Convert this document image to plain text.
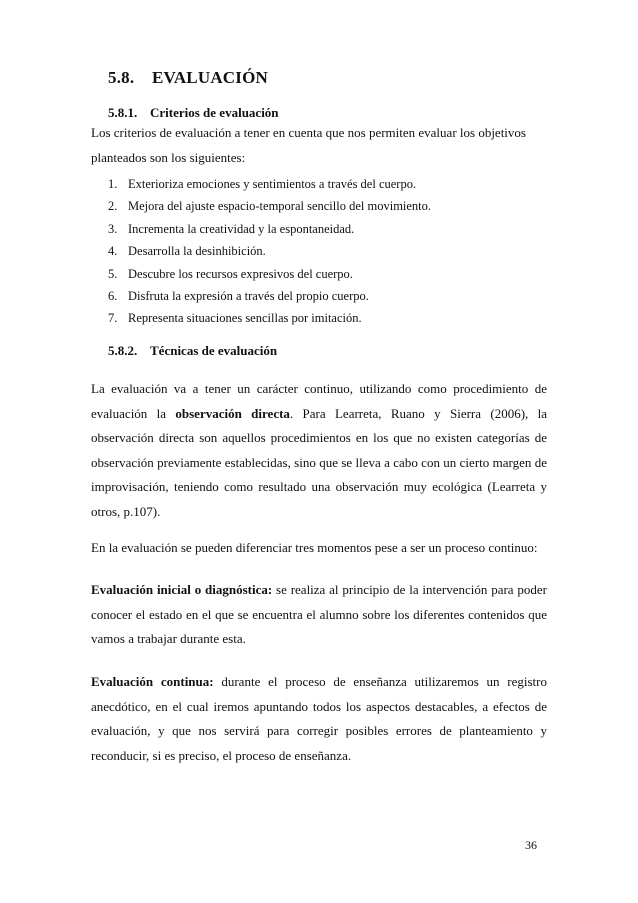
5.8. EVALUACIÓN
5.8.1. Criterios de evaluación
Los criterios de evaluación a tener en cuenta que nos permiten evaluar los objetivos planteados son los siguientes:
1. Exterioriza emociones y sentimientos a través del cuerpo.
2. Mejora del ajuste espacio-temporal sencillo del movimiento.
3. Incrementa la creatividad y la espontaneidad.
4. Desarrolla la desinhibición.
5. Descubre los recursos expresivos del cuerpo.
6. Disfruta la expresión a través del propio cuerpo.
7. Representa situaciones sencillas por imitación.
5.8.2. Técnicas de evaluación
La evaluación va a tener un carácter continuo, utilizando como procedimiento de evaluación la observación directa. Para Learreta, Ruano y Sierra (2006), la observación directa son aquellos procedimientos en los que no existen categorías de observación previamente establecidas, sino que se lleva a cabo con un cierto margen de improvisación, teniendo como resultado una observación muy ecológica (Learreta y otros, p.107).
En la evaluación se pueden diferenciar tres momentos pese a ser un proceso continuo:
Evaluación inicial o diagnóstica: se realiza al principio de la intervención para poder conocer el estado en el que se encuentra el alumno sobre los diferentes contenidos que vamos a trabajar durante esta.
Evaluación continua: durante el proceso de enseñanza utilizaremos un registro anecdótico, en el cual iremos apuntando todos los aspectos destacables, a efectos de evaluación, y que nos servirá para corregir posibles errores de planteamiento y reconducir, si es preciso, el proceso de enseñanza.
36
